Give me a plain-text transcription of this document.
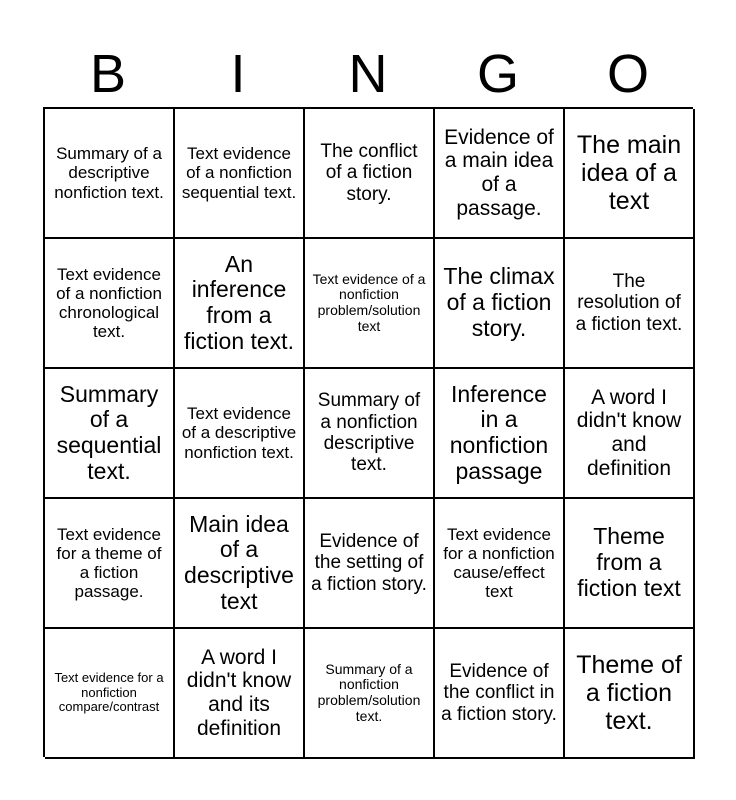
B	I	N	G	O
Summary of a descriptive nonfiction text.
Text evidence of a nonfiction sequential text.
The conflict of a fiction story.
Evidence of a main idea of a passage.
The main idea of a text
Text evidence of a nonfiction chronological text.
An inference from a fiction text.
Text evidence of a nonfiction problem/solution text
The climax of a fiction story.
The resolution of a fiction text.
Summary of a sequential text.
Text evidence of a descriptive nonfiction text.
Summary of a nonfiction descriptive text.
Inference in a nonfiction passage
A word I didn't know and definition
Text evidence for a theme of a fiction passage.
Main idea of a descriptive text
Evidence of the setting of a fiction story.
Text evidence for a nonfiction cause/effect text
Theme from a fiction text
Text evidence for a nonfiction compare/contrast
A word I didn't know and its definition
Summary of a nonfiction problem/solution text.
Evidence of the conflict in a fiction story.
Theme of a fiction text.
